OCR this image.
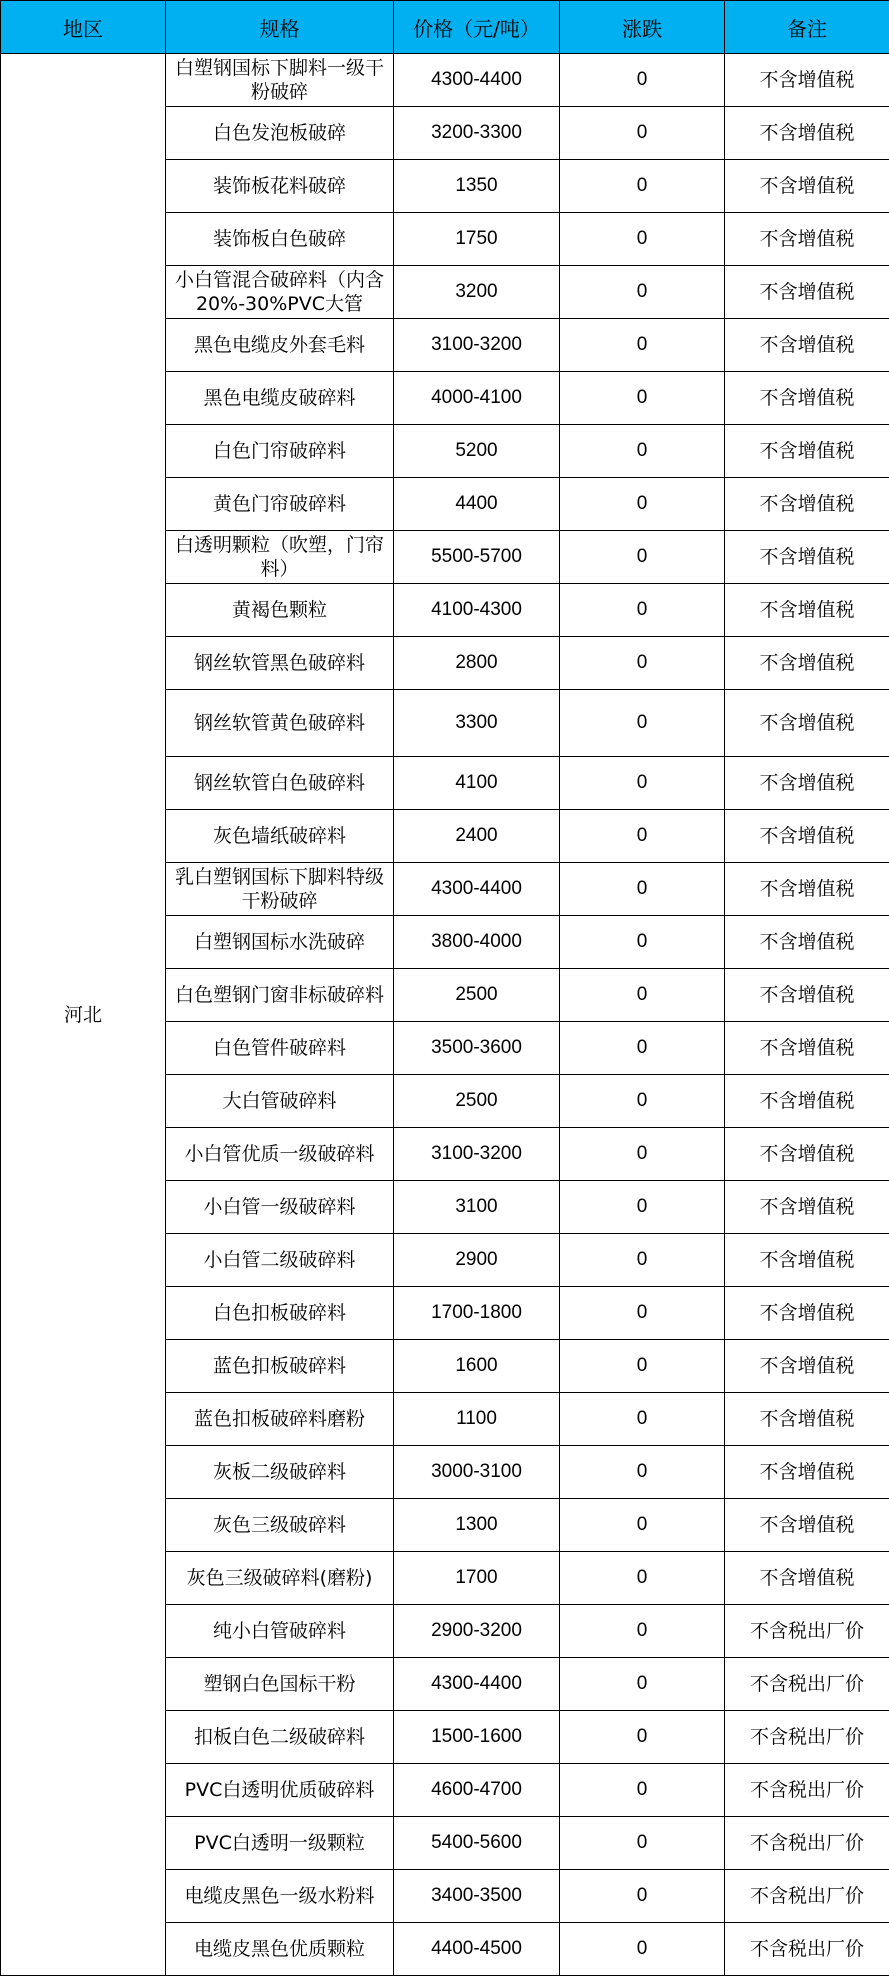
地区	规格	价格（元/吨）	涨跌	备注
河北	白塑钢国标下脚料一级干粉破碎	4300-4400	0	不含增值税
	白色发泡板破碎	3200-3300	0	不含增值税
	装饰板花料破碎	1350	0	不含增值税
	装饰板白色破碎	1750	0	不含增值税
	小白管混合破碎料（内含20%-30%PVC大管	3200	0	不含增值税
	黑色电缆皮外套毛料	3100-3200	0	不含增值税
	黑色电缆皮破碎料	4000-4100	0	不含增值税
	白色门帘破碎料	5200	0	不含增值税
	黄色门帘破碎料	4400	0	不含增值税
	白透明颗粒（吹塑，门帘料）	5500-5700	0	不含增值税
	黄褐色颗粒	4100-4300	0	不含增值税
	钢丝软管黑色破碎料	2800	0	不含增值税
	钢丝软管黄色破碎料	3300	0	不含增值税
	钢丝软管白色破碎料	4100	0	不含增值税
	灰色墙纸破碎料	2400	0	不含增值税
	乳白塑钢国标下脚料特级干粉破碎	4300-4400	0	不含增值税
	白塑钢国标水洗破碎	3800-4000	0	不含增值税
	白色塑钢门窗非标破碎料	2500	0	不含增值税
	白色管件破碎料	3500-3600	0	不含增值税
	大白管破碎料	2500	0	不含增值税
	小白管优质一级破碎料	3100-3200	0	不含增值税
	小白管一级破碎料	3100	0	不含增值税
	小白管二级破碎料	2900	0	不含增值税
	白色扣板破碎料	1700-1800	0	不含增值税
	蓝色扣板破碎料	1600	0	不含增值税
	蓝色扣板破碎料磨粉	1100	0	不含增值税
	灰板二级破碎料	3000-3100	0	不含增值税
	灰色三级破碎料	1300	0	不含增值税
	灰色三级破碎料(磨粉)	1700	0	不含增值税
	纯小白管破碎料	2900-3200	0	不含税出厂价
	塑钢白色国标干粉	4300-4400	0	不含税出厂价
	扣板白色二级破碎料	1500-1600	0	不含税出厂价
	PVC白透明优质破碎料	4600-4700	0	不含税出厂价
	PVC白透明一级颗粒	5400-5600	0	不含税出厂价
	电缆皮黑色一级水粉料	3400-3500	0	不含税出厂价
	电缆皮黑色优质颗粒	4400-4500	0	不含税出厂价
